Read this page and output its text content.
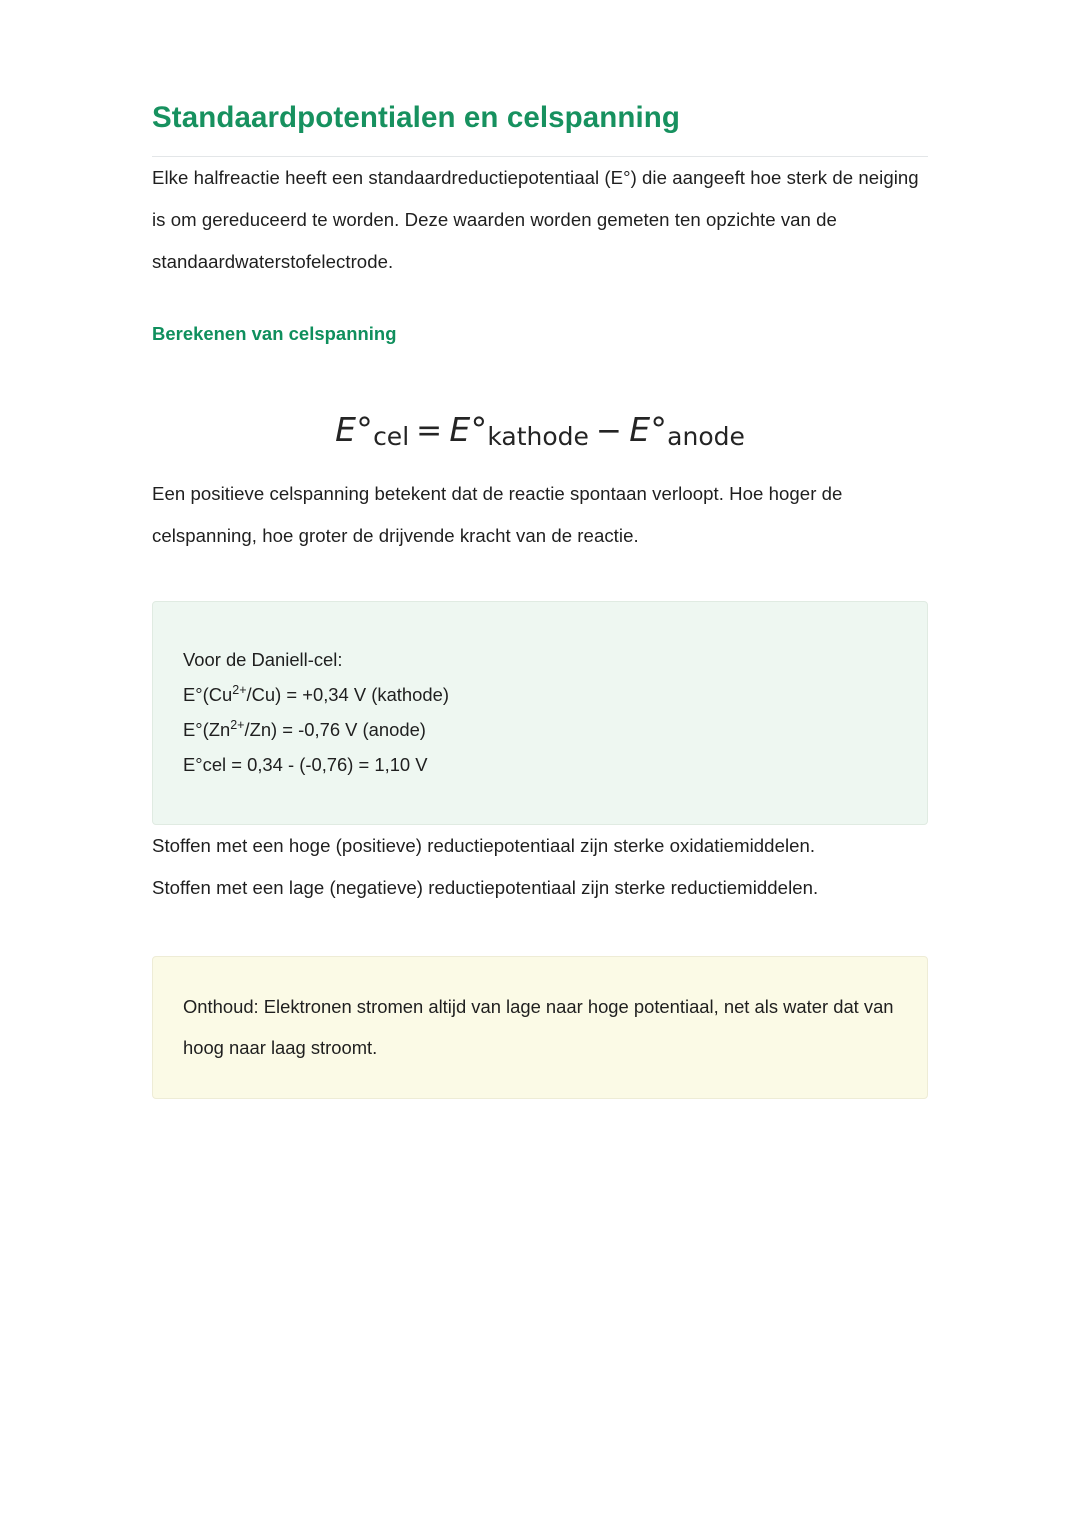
Standaardpotentialen en celspanning

Elke halfreactie heeft een standaardreductiepotentiaal (E°) die aangeeft hoe sterk de neiging is om gereduceerd te worden. Deze waarden worden gemeten ten opzichte van de standaardwaterstofelectrode.

Berekenen van celspanning
E°cel = E°kathode − E°anode

Een positieve celspanning betekent dat de reactie spontaan verloopt. Hoe hoger de celspanning, hoe groter de drijvende kracht van de reactie.

Voor de Daniell-cel:
$E^\circ(Cu^{2+}/Cu) = +0,34$ V (kathode)
$E^\circ(Zn^{2+}/Zn) = -0,76$ V (anode)
E°cel = 0,34 - (-0,76) = 1,10 V

Stoffen met een hoge (positieve) reductiepotentiaal zijn sterke oxidatiemiddelen.
Stoffen met een lage (negatieve) reductiepotentiaal zijn sterke reductiemiddelen.

Onthoud: Elektronen stromen altijd van lage naar hoge potentiaal, net als water dat van hoog naar laag stroomt.
